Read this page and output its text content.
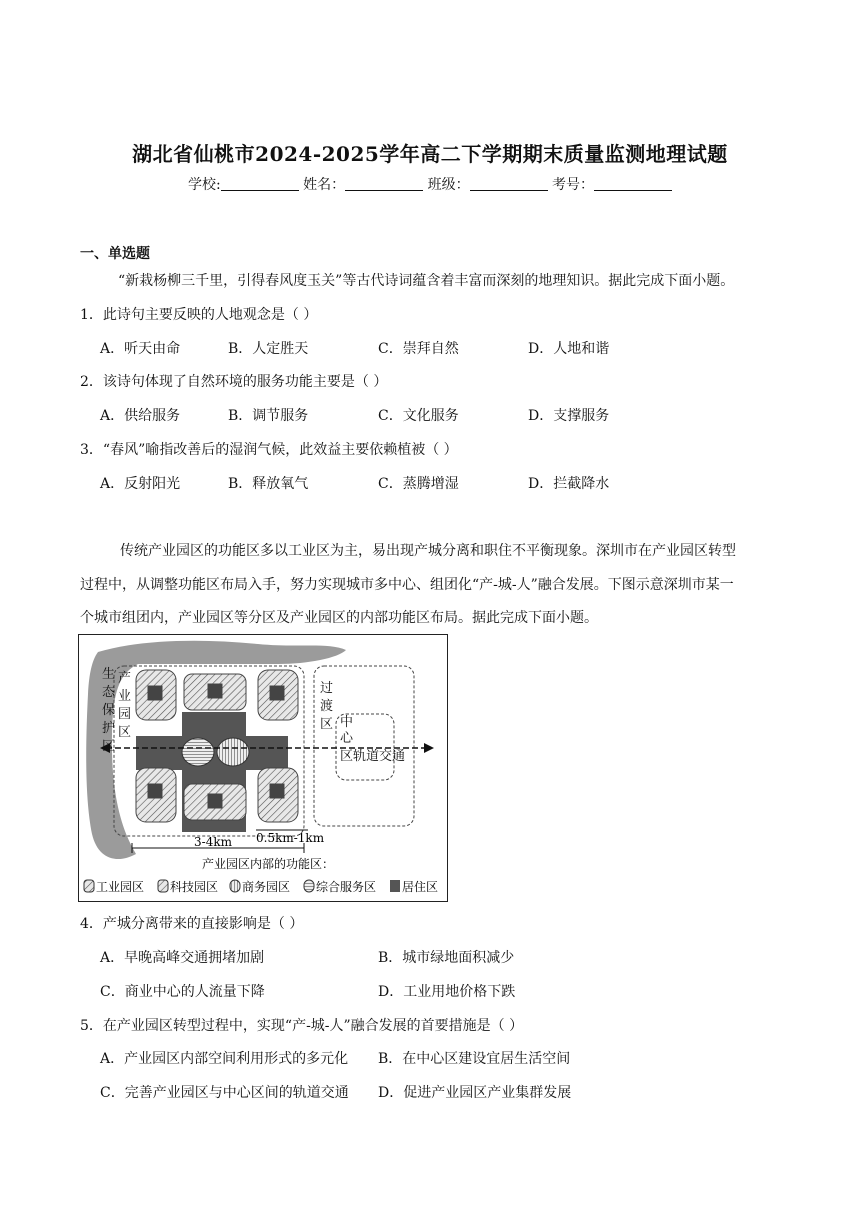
湖北省仙桃市2024-2025学年高二下学期期末质量监测地理试题
学校:	姓名：	班级：	考号：
一、单选题
“新栽杨柳三千里，引得春风度玉关”等古代诗词蕴含着丰富而深刻的地理知识。据此完成下面小题。
1．此诗句主要反映的人地观念是（ ）
A．听天由命	B．人定胜天	C．崇拜自然	D．人地和谐
2．该诗句体现了自然环境的服务功能主要是（ ）
A．供给服务	B．调节服务	C．文化服务	D．支撑服务
3．“春风”喻指改善后的湿润气候，此效益主要依赖植被（ ）
A．反射阳光	B．释放氧气	C．蒸腾增湿	D．拦截降水
传统产业园区的功能区多以工业区为主，易出现产城分离和职住不平衡现象。深圳市在产业园区转型
过程中，从调整功能区布局入手，努力实现城市多中心、组团化“产-城-人”融合发展。下图示意深圳市某一
个城市组团内，产业园区等分区及产业园区的内部功能区布局。据此完成下面小题。
生
态
保
护
区
产
业
园
区
过
渡
区 中
心
区轨道交通
3-4km 0.5km-1km
产业园区内部的功能区：
工业园区 科技园区 商务园区 综合服务区 居住区
4．产城分离带来的直接影响是（ ）
A．早晚高峰交通拥堵加剧	B．城市绿地面积减少
C．商业中心的人流量下降	D．工业用地价格下跌
5．在产业园区转型过程中，实现“产-城-人”融合发展的首要措施是（ ）
A．产业园区内部空间利用形式的多元化 B．在中心区建设宜居生活空间
C．完善产业园区与中心区间的轨道交通 D．促进产业园区产业集群发展
